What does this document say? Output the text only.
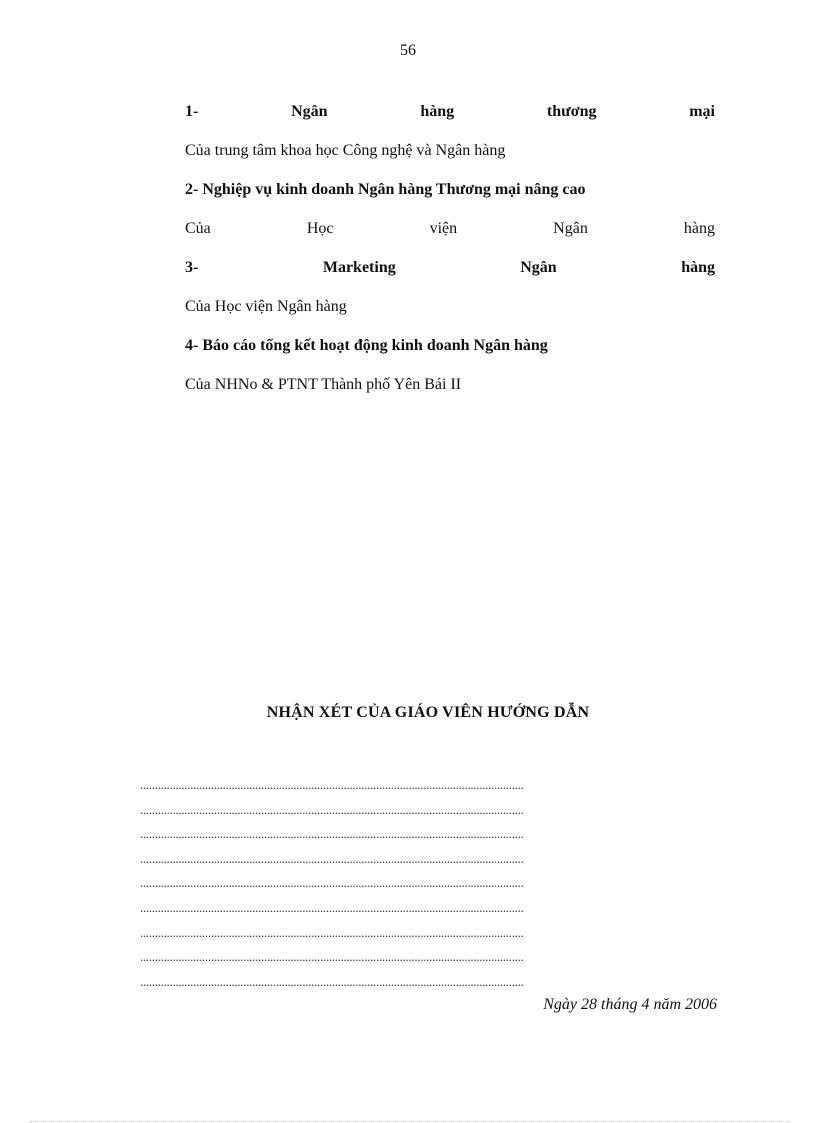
56

1- Ngân hàng thương mại

Của trung tâm khoa học Công nghệ và Ngân hàng

2- Nghiệp vụ kinh doanh Ngân hàng Thương mại nâng cao

Của Học viện Ngân hàng

3- Marketing Ngân hàng

Của Học viện Ngân hàng

4- Báo cáo tổng kết hoạt động kinh doanh Ngân hàng

Của NHNo & PTNT Thành phố Yên Bái II

NHẬN XÉT CỦA GIÁO VIÊN HƯỚNG DẪN
..................................................................................................................................
..................................................................................................................................
..................................................................................................................................
..................................................................................................................................
..................................................................................................................................
..................................................................................................................................
..................................................................................................................................
..................................................................................................................................
..................................................................................................................................
Ngày 28 tháng 4 năm 2006
